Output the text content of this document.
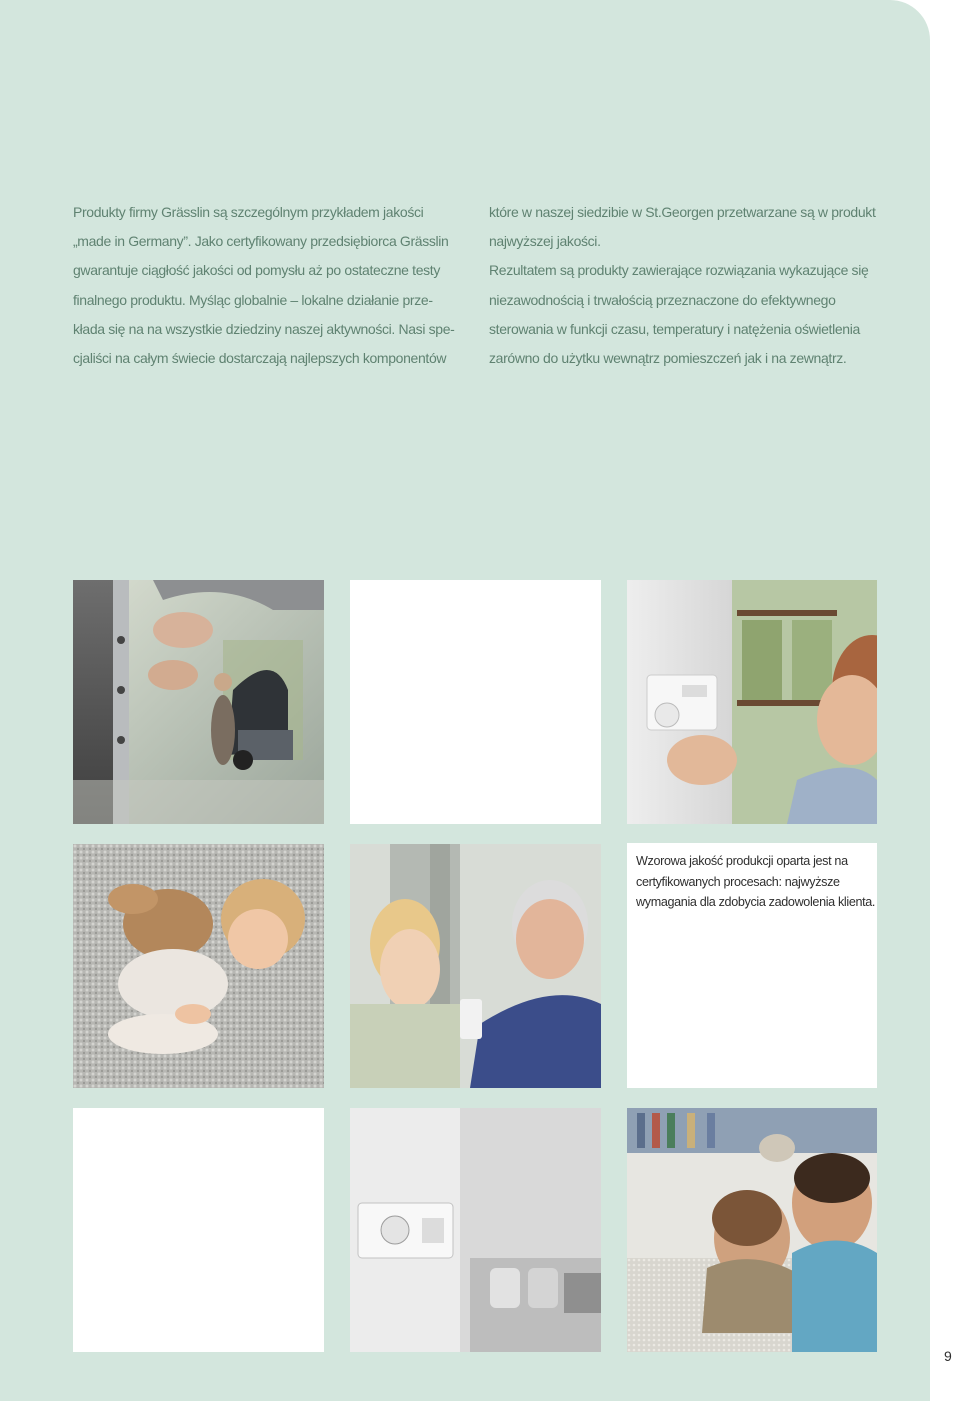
Produkty firmy Grässlin są szczególnym przykładem jakości
„made in Germany”. Jako certyfikowany przedsiębiorca Grässlin
gwarantuje ciągłość jakości od pomysłu aż po ostateczne testy
finalnego produktu. Myśląc globalnie – lokalne działanie prze-
kłada się na na wszystkie dziedziny naszej aktywności. Nasi spe-
cjaliści na całym świecie dostarczają najlepszych komponentów

które w naszej siedzibie w St.Georgen przetwarzane są w produkt
najwyższej jakości.
Rezultatem są produkty zawierające rozwiązania wykazujące się
niezawodnością i trwałością przeznaczone do efektywnego
sterowania w funkcji czasu, temperatury i natężenia oświetlenia
zarówno do użytku wewnątrz pomieszczeń jak i na zewnątrz.

Wzorowa jakość produkcji oparta jest na
certyfikowanych procesach: najwyższe
wymagania dla zdobycia zadowolenia klienta.
9
